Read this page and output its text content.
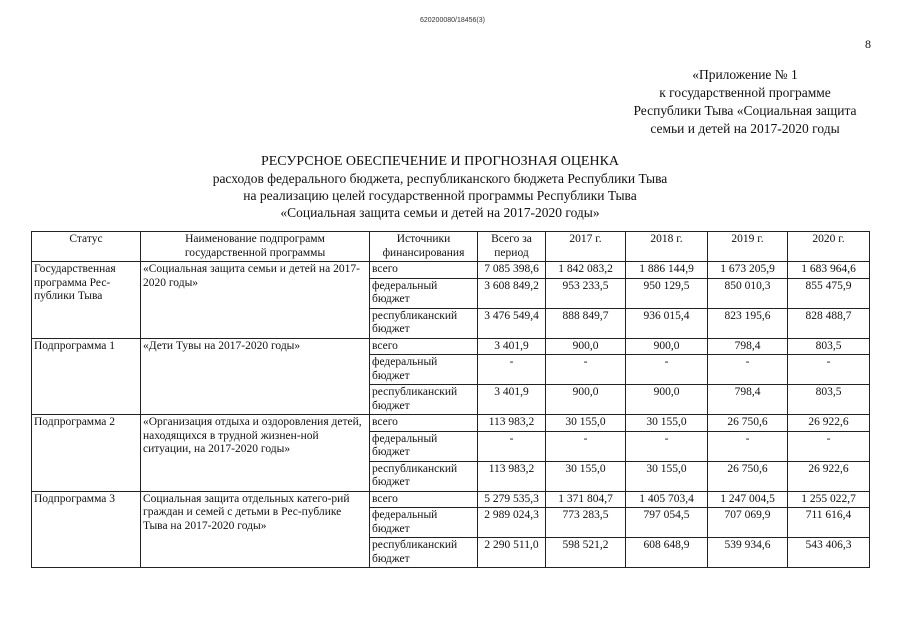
620200080/18456(3)
8
«Приложение № 1
к государственной программе
Республики Тыва «Социальная защита
семьи и детей на 2017-2020 годы
РЕСУРСНОЕ ОБЕСПЕЧЕНИЕ И ПРОГНОЗНАЯ ОЦЕНКА
расходов федерального бюджета, республиканского бюджета Республики Тыва
на реализацию целей государственной программы Республики Тыва
«Социальная защита семьи и детей на 2017-2020 годы»
Статус	Наименование подпрограмм государственной программы	Источники финансирования	Всего за период	2017 г.	2018 г.	2019 г.	2020 г.
Государственная программа Рес-публики Тыва	«Социальная защита семьи и детей на 2017-2020 годы»	всего	7 085 398,6	1 842 083,2	1 886 144,9	1 673 205,9	1 683 964,6
		федеральный бюджет	3 608 849,2	953 233,5	950 129,5	850 010,3	855 475,9
		республиканский бюджет	3 476 549,4	888 849,7	936 015,4	823 195,6	828 488,7
Подпрограмма 1	«Дети Тувы на 2017-2020 годы»	всего	3 401,9	900,0	900,0	798,4	803,5
		федеральный бюджет	-	-	-	-	-
		республиканский бюджет	3 401,9	900,0	900,0	798,4	803,5
Подпрограмма 2	«Организация отдыха и оздоровления детей, находящихся в трудной жизнен-ной ситуации, на 2017-2020 годы»	всего	113 983,2	30 155,0	30 155,0	26 750,6	26 922,6
		федеральный бюджет	-	-	-	-	-
		республиканский бюджет	113 983,2	30 155,0	30 155,0	26 750,6	26 922,6
Подпрограмма 3	Социальная защита отдельных катего-рий граждан и семей с детьми в Рес-публике Тыва на 2017-2020 годы»	всего	5 279 535,3	1 371 804,7	1 405 703,4	1 247 004,5	1 255 022,7
		федеральный бюджет	2 989 024,3	773 283,5	797 054,5	707 069,9	711 616,4
		республиканский бюджет	2 290 511,0	598 521,2	608 648,9	539 934,6	543 406,3
